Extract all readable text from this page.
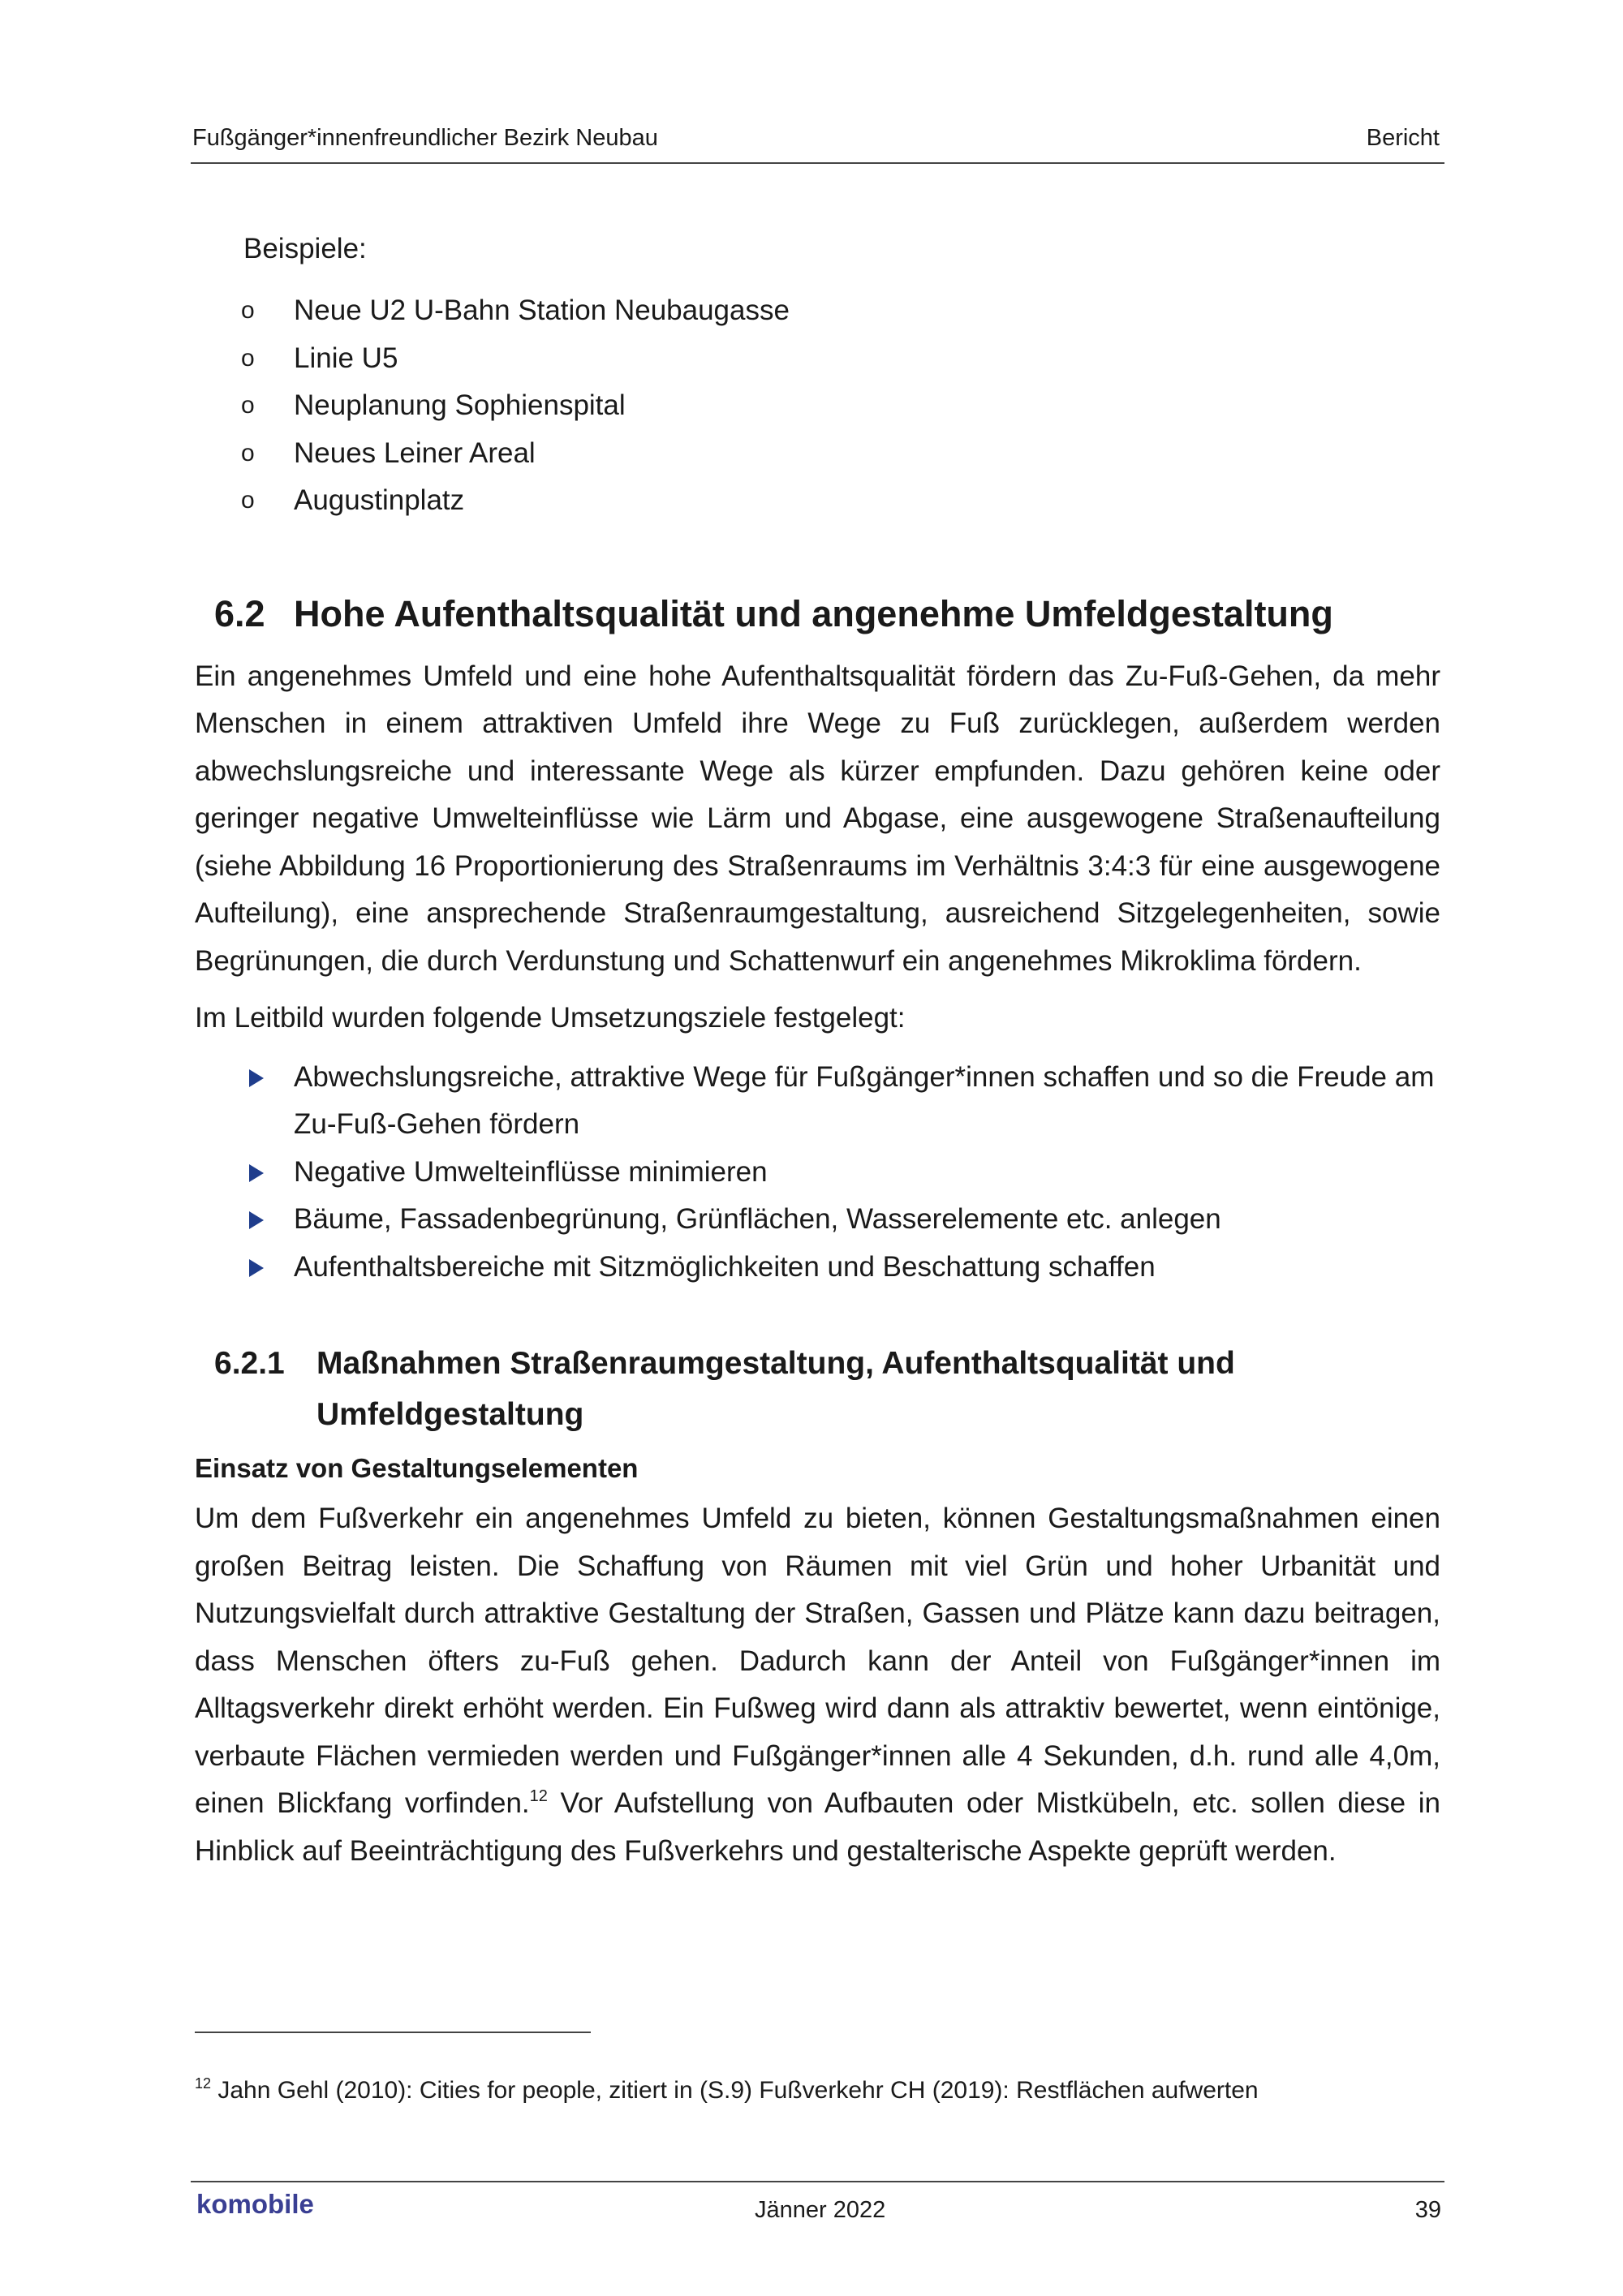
Fußgänger*innenfreundlicher Bezirk Neubau	Bericht

Beispiele:

o Neue U2 U-Bahn Station Neubaugasse
o Linie U5
o Neuplanung Sophienspital
o Neues Leiner Areal
o Augustinplatz
6.2 Hohe Aufenthaltsqualität und angenehme Umfeldgestaltung

Ein angenehmes Umfeld und eine hohe Aufenthaltsqualität fördern das Zu-Fuß-Gehen, da mehr Menschen in einem attraktiven Umfeld ihre Wege zu Fuß zurücklegen, außerdem werden abwechslungsreiche und interessante Wege als kürzer empfunden. Dazu gehören keine oder geringer negative Umwelteinflüsse wie Lärm und Abgase, eine ausgewogene Straßenaufteilung (siehe Abbildung 16 Proportionierung des Straßenraums im Verhältnis 3:4:3 für eine ausgewogene Aufteilung), eine ansprechende Straßenraumgestaltung, ausreichend Sitzgelegenheiten, sowie Begrünungen, die durch Verdunstung und Schattenwurf ein angenehmes Mikroklima fördern.

Im Leitbild wurden folgende Umsetzungsziele festgelegt:

Abwechslungsreiche, attraktive Wege für Fußgänger*innen schaffen und so die Freude am Zu-Fuß-Gehen fördern
Negative Umwelteinflüsse minimieren
Bäume, Fassadenbegrünung, Grünflächen, Wasserelemente etc. anlegen
Aufenthaltsbereiche mit Sitzmöglichkeiten und Beschattung schaffen
6.2.1 Maßnahmen Straßenraumgestaltung, Aufenthaltsqualität und Umfeldgestaltung
Einsatz von Gestaltungselementen

Um dem Fußverkehr ein angenehmes Umfeld zu bieten, können Gestaltungsmaßnahmen einen großen Beitrag leisten. Die Schaffung von Räumen mit viel Grün und hoher Urbanität und Nutzungsvielfalt durch attraktive Gestaltung der Straßen, Gassen und Plätze kann dazu beitragen, dass Menschen öfters zu-Fuß gehen. Dadurch kann der Anteil von Fußgänger*innen im Alltagsverkehr direkt erhöht werden. Ein Fußweg wird dann als attraktiv bewertet, wenn eintönige, verbaute Flächen vermieden werden und Fußgänger*innen alle 4 Sekunden, d.h. rund alle 4,0m, einen Blickfang vorfinden.$^{12}$ Vor Aufstellung von Aufbauten oder Mistkübeln, etc. sollen diese in Hinblick auf Beeinträchtigung des Fußverkehrs und gestalterische Aspekte geprüft werden.

$^{12}$ Jahn Gehl (2010): Cities for people, zitiert in (S.9) Fußverkehr CH (2019): Restflächen aufwerten
komobile	Jänner 2022	39
